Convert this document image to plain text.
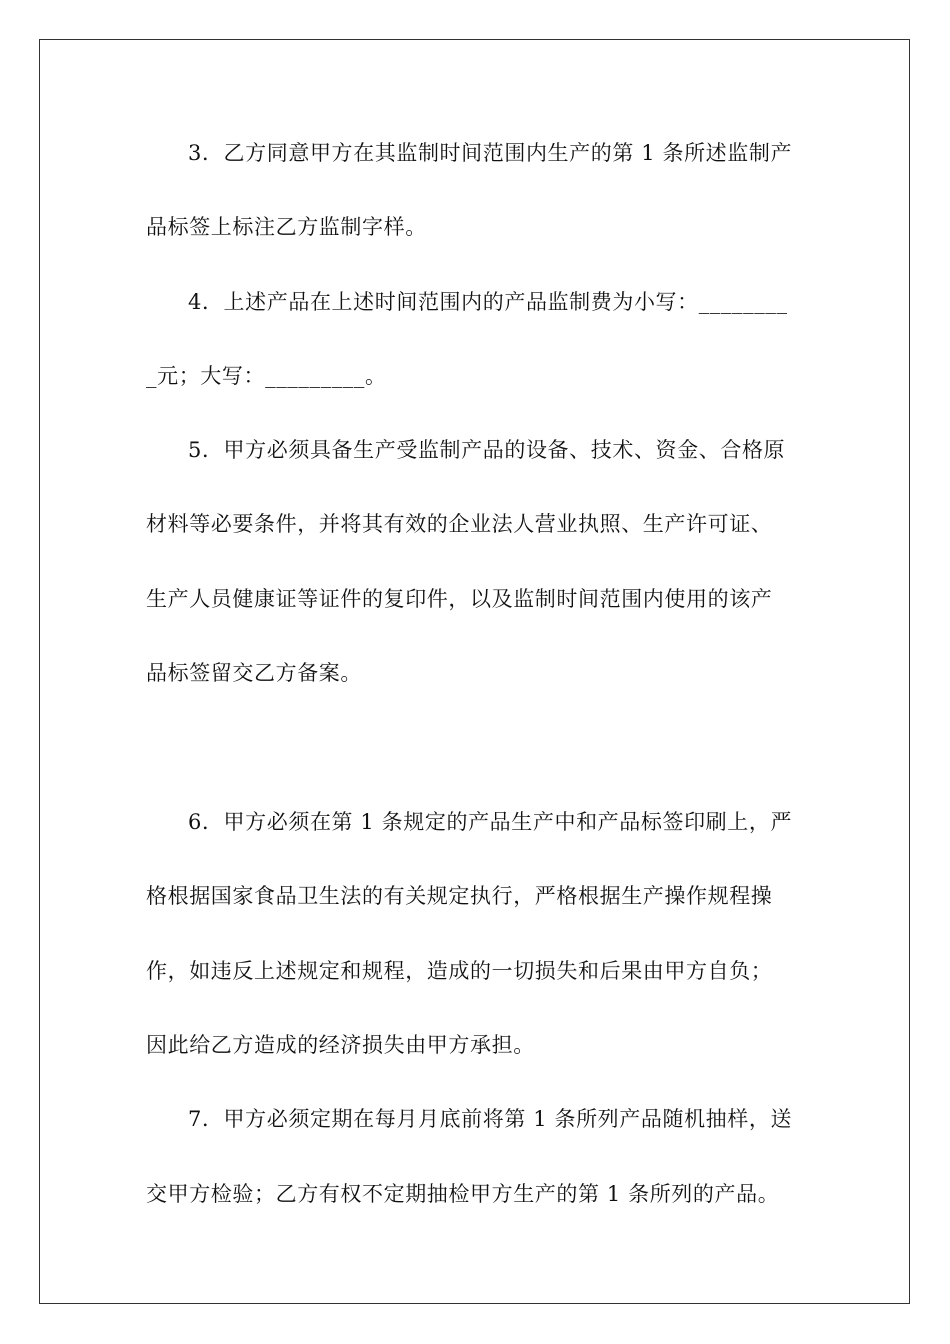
3．乙方同意甲方在其监制时间范围内生产的第 1 条所述监制产
品标签上标注乙方监制字样。
4．上述产品在上述时间范围内的产品监制费为小写：________
_元；大写：_________。
5．甲方必须具备生产受监制产品的设备、技术、资金、合格原
材料等必要条件，并将其有效的企业法人营业执照、生产许可证、
生产人员健康证等证件的复印件，以及监制时间范围内使用的该产
品标签留交乙方备案。
6．甲方必须在第 1 条规定的产品生产中和产品标签印刷上，严
格根据国家食品卫生法的有关规定执行，严格根据生产操作规程操
作，如违反上述规定和规程，造成的一切损失和后果由甲方自负；
因此给乙方造成的经济损失由甲方承担。
7．甲方必须定期在每月月底前将第 1 条所列产品随机抽样，送
交甲方检验；乙方有权不定期抽检甲方生产的第 1 条所列的产品。
